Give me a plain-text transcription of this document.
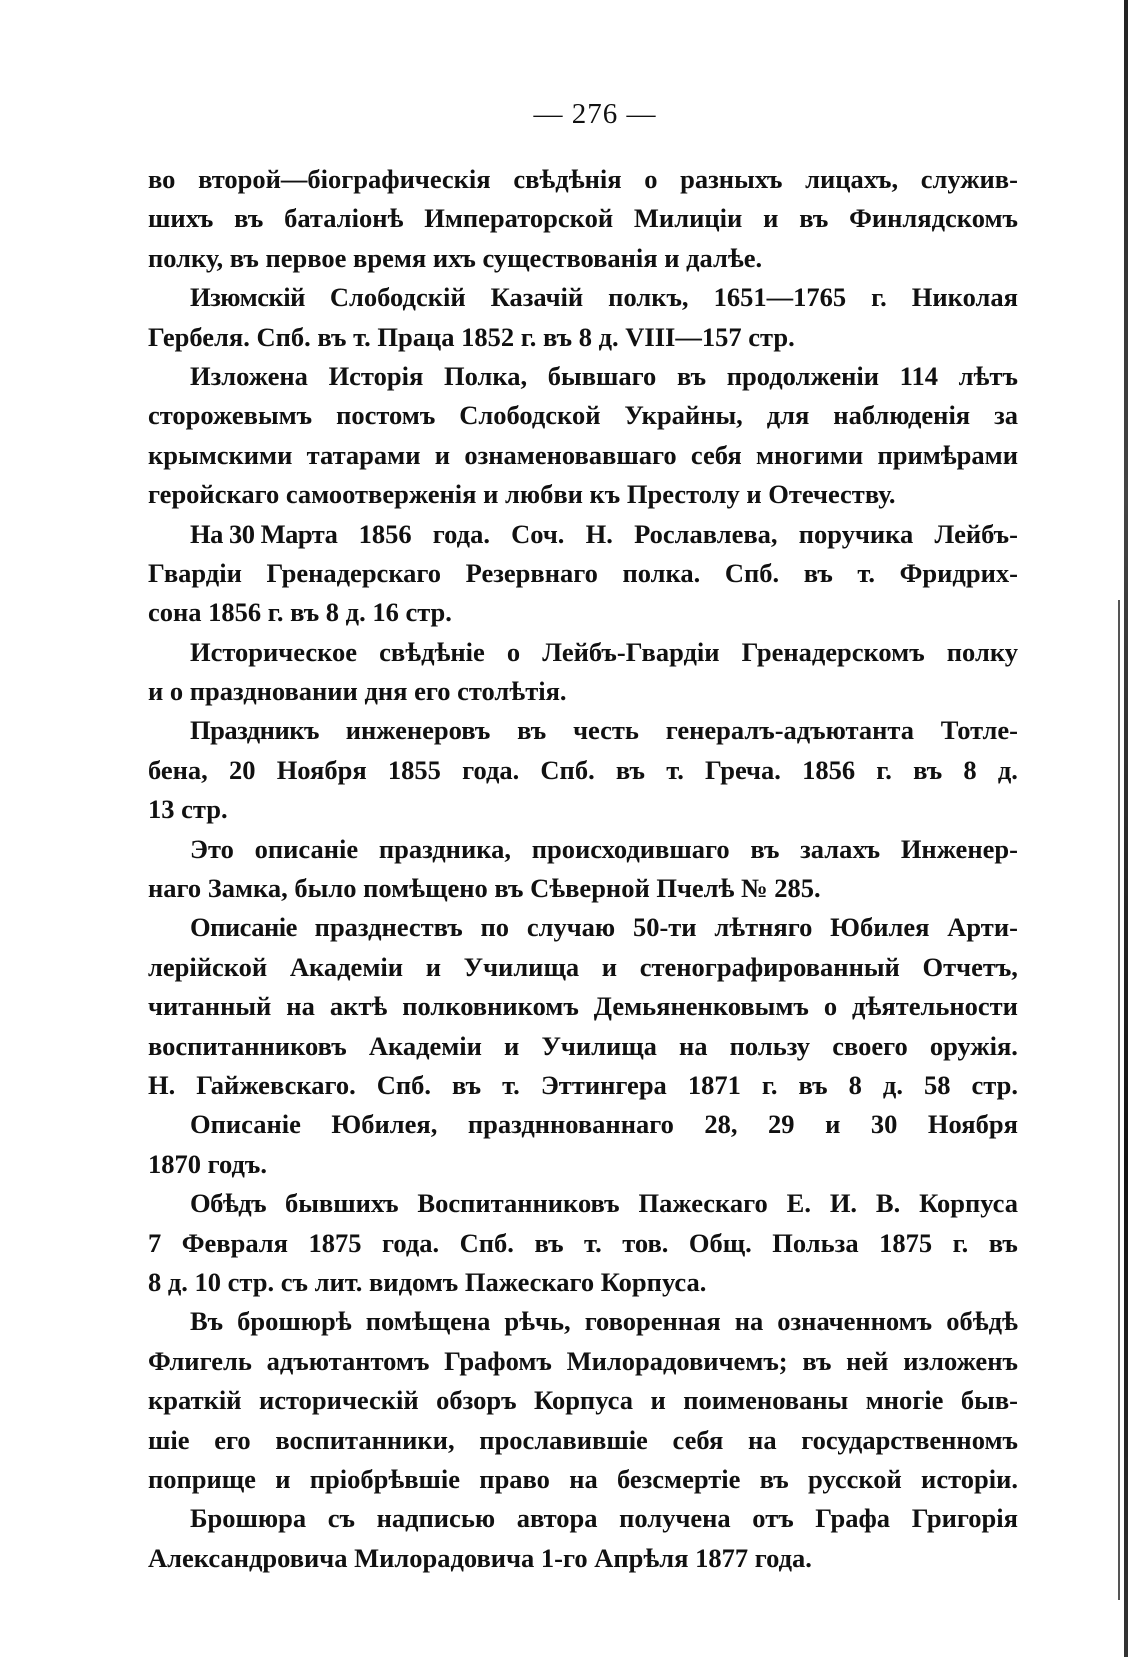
— 276 —
во второй—біографическія свѣдѣнія о разныхъ лицахъ, служив-
шихъ въ баталіонѣ Императорской Милиціи и въ Финлядскомъ
полку, въ первое время ихъ существованія и далѣе.
Изюмскій Слободскій Казачій полкъ, 1651—1765 г. Николая
Гербеля. Спб. въ т. Праца 1852 г. въ 8 д. VIII—157 стр.
Изложена Исторія Полка, бывшаго въ продолженіи 114 лѣтъ
сторожевымъ постомъ Слободской Украйны, для наблюденія за
крымскими татарами и ознаменовавшаго себя многими примѣрами
геройскаго самоотверженія и любви къ Престолу и Отечеству.
На 30 Марта 1856 года. Соч. Н. Рославлева, поручика Лейбъ-
Гвардіи Гренадерскаго Резервнаго полка. Спб. въ т. Фридрих-
сона 1856 г. въ 8 д. 16 стр.
Историческое свѣдѣніе о Лейбъ-Гвардіи Гренадерскомъ полку
и о праздновании дня его столѣтія.
Праздникъ инженеровъ въ честь генералъ-адъютанта Тотле-
бена, 20 Ноября 1855 года. Спб. въ т. Греча. 1856 г. въ 8 д.
13 стр.
Это описаніе праздника, происходившаго въ залахъ Инженер-
наго Замка, было помѣщено въ Сѣверной Пчелѣ № 285.
Описаніе празднествъ по случаю 50-ти лѣтняго Юбилея Арти-
лерійской Академіи и Училища и стенографированный Отчетъ,
читанный на актѣ полковникомъ Демьяненковымъ о дѣятельности
воспитанниковъ Академіи и Училища на пользу своего оружія.
Н. Гайжевскаго. Спб. въ т. Эттингера 1871 г. въ 8 д. 58 стр.
Описаніе Юбилея, праздннованнаго 28, 29 и 30 Ноября
1870 годъ.
Обѣдъ бывшихъ Воспитанниковъ Пажескаго Е. И. В. Корпуса
7 Февраля 1875 года. Спб. въ т. тов. Общ. Польза 1875 г. въ
8 д. 10 стр. съ лит. видомъ Пажескаго Корпуса.
Въ брошюрѣ помѣщена рѣчь, говоренная на означенномъ обѣдѣ
Флигель адъютантомъ Графомъ Милорадовичемъ; въ ней изложенъ
краткій историческій обзоръ Корпуса и поименованы многіе быв-
шіе его воспитанники, прославившіе себя на государственномъ
поприще и пріобрѣвшіе право на безсмертіе въ русской исторіи.
Брошюра съ надписью автора получена отъ Графа Григорія
Александровича Милорадовича 1-го Апрѣля 1877 года.
